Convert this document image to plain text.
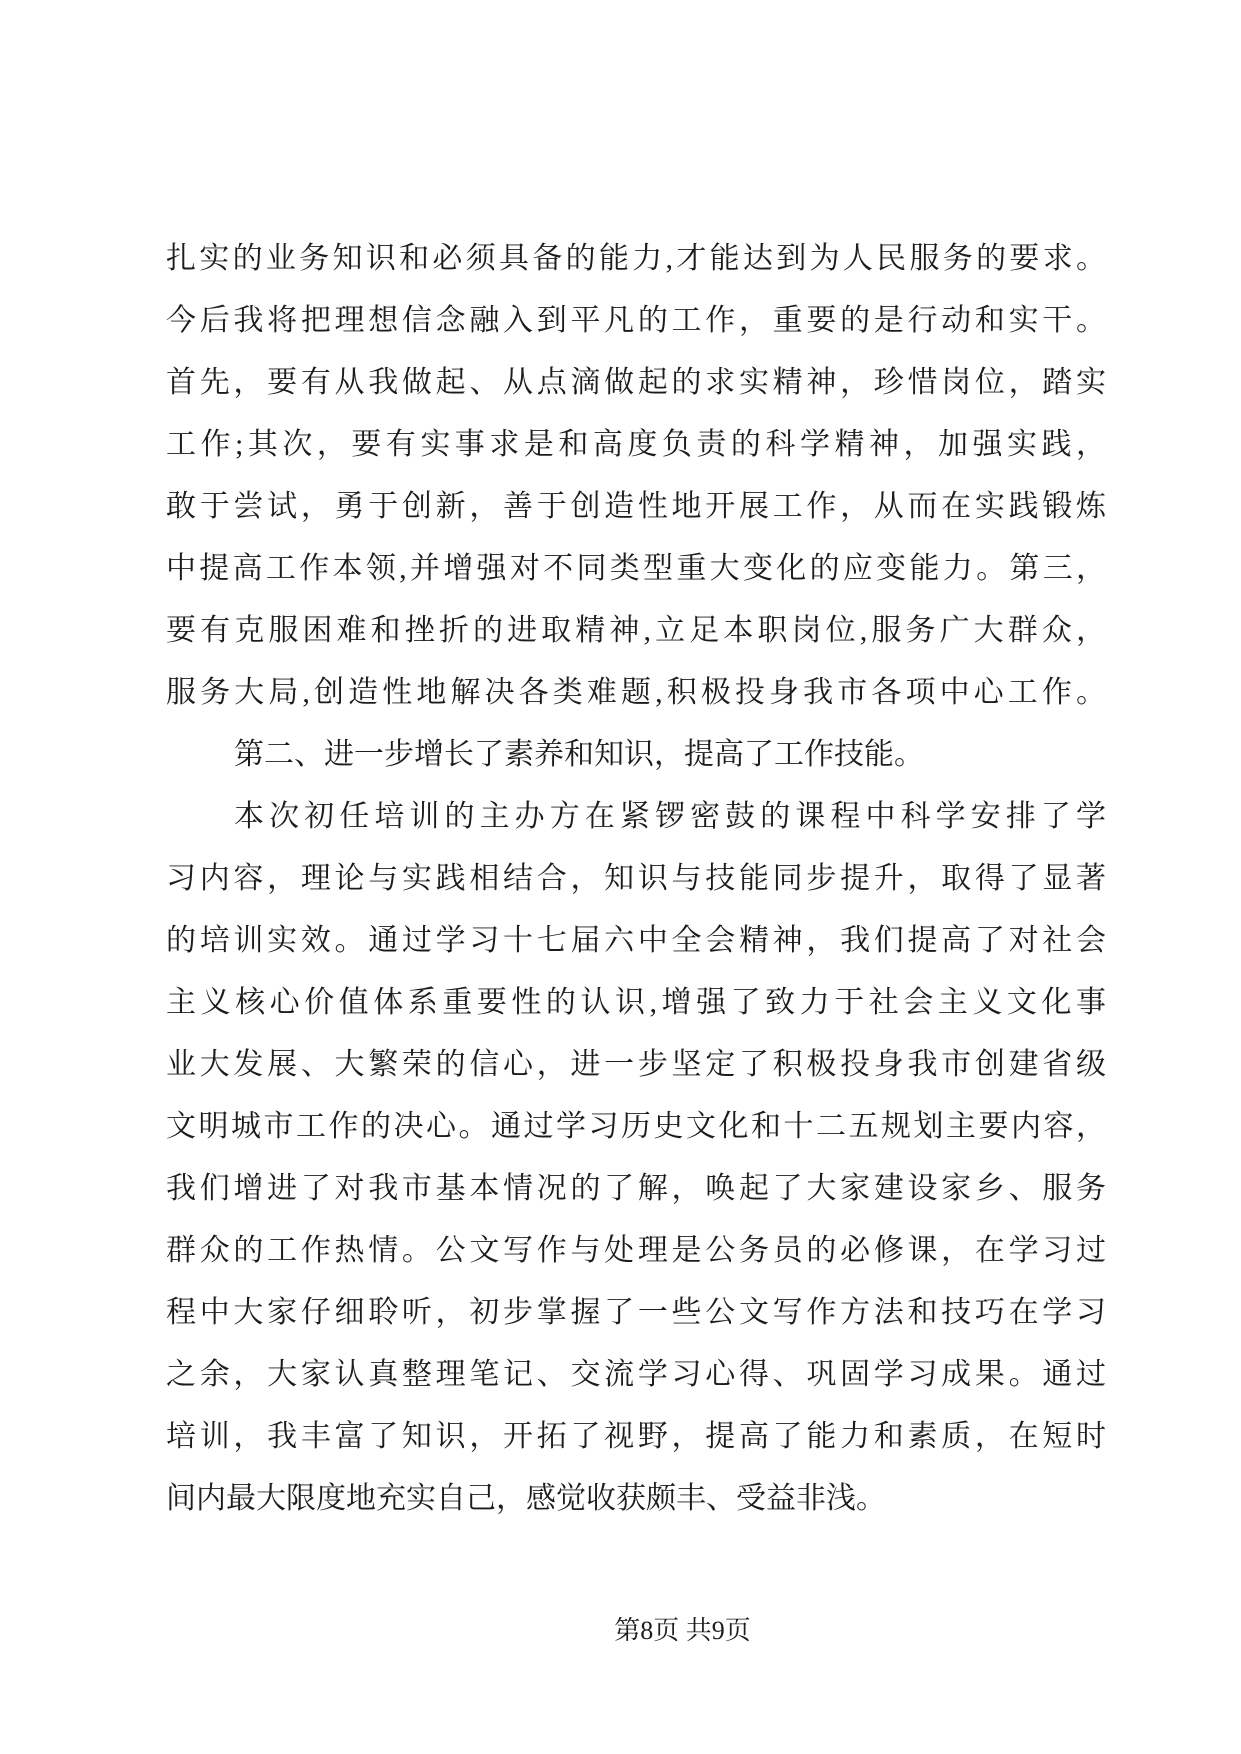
扎实的业务知识和必须具备的能力,才能达到为人民服务的要求。
今后我将把理想信念融入到平凡的工作，重要的是行动和实干。
首先，要有从我做起、从点滴做起的求实精神，珍惜岗位，踏实
工作;其次，要有实事求是和高度负责的科学精神，加强实践，
敢于尝试，勇于创新，善于创造性地开展工作，从而在实践锻炼
中提高工作本领,并增强对不同类型重大变化的应变能力。第三，
要有克服困难和挫折的进取精神,立足本职岗位,服务广大群众，
服务大局,创造性地解决各类难题,积极投身我市各项中心工作。
第二、进一步增长了素养和知识，提高了工作技能。
本次初任培训的主办方在紧锣密鼓的课程中科学安排了学
习内容，理论与实践相结合，知识与技能同步提升，取得了显著
的培训实效。通过学习十七届六中全会精神，我们提高了对社会
主义核心价值体系重要性的认识,增强了致力于社会主义文化事
业大发展、大繁荣的信心，进一步坚定了积极投身我市创建省级
文明城市工作的决心。通过学习历史文化和十二五规划主要内容，
我们增进了对我市基本情况的了解，唤起了大家建设家乡、服务
群众的工作热情。公文写作与处理是公务员的必修课，在学习过
程中大家仔细聆听，初步掌握了一些公文写作方法和技巧在学习
之余，大家认真整理笔记、交流学习心得、巩固学习成果。通过
培训，我丰富了知识，开拓了视野，提高了能力和素质，在短时
间内最大限度地充实自己，感觉收获颇丰、受益非浅。
第8页 共9页
